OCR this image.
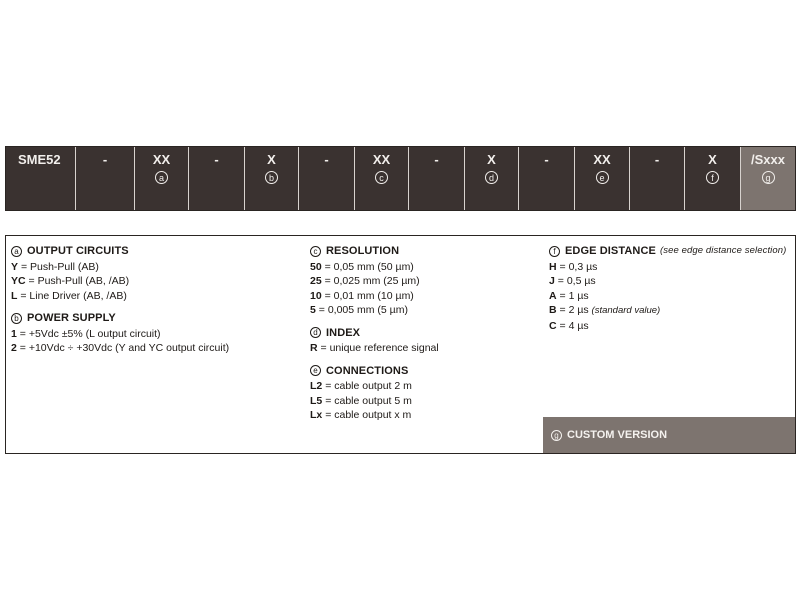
SME52	-	XX
a
-	X
b
-	XX
c
-	X
d
-	XX
e
-	X
f
/Sxxx
g
a OUTPUT CIRCUITS
Y = Push-Pull (AB)
YC = Push-Pull (AB, /AB)
L = Line Driver (AB, /AB)
b POWER SUPPLY
1 = +5Vdc ±5% (L output circuit)
2 = +10Vdc ÷ +30Vdc (Y and YC output circuit)
c RESOLUTION
50 = 0,05 mm (50 µm)
25 = 0,025 mm (25 µm)
10 = 0,01 mm (10 µm)
5 = 0,005 mm (5 µm)
d INDEX
R = unique reference signal
e CONNECTIONS
L2 = cable output 2 m
L5 = cable output 5 m
Lx = cable output x m
f EDGE DISTANCE (see edge distance selection)
H = 0,3 µs
J = 0,5 µs
A = 1 µs
B = 2 µs (standard value)
C = 4 µs
g CUSTOM VERSION
